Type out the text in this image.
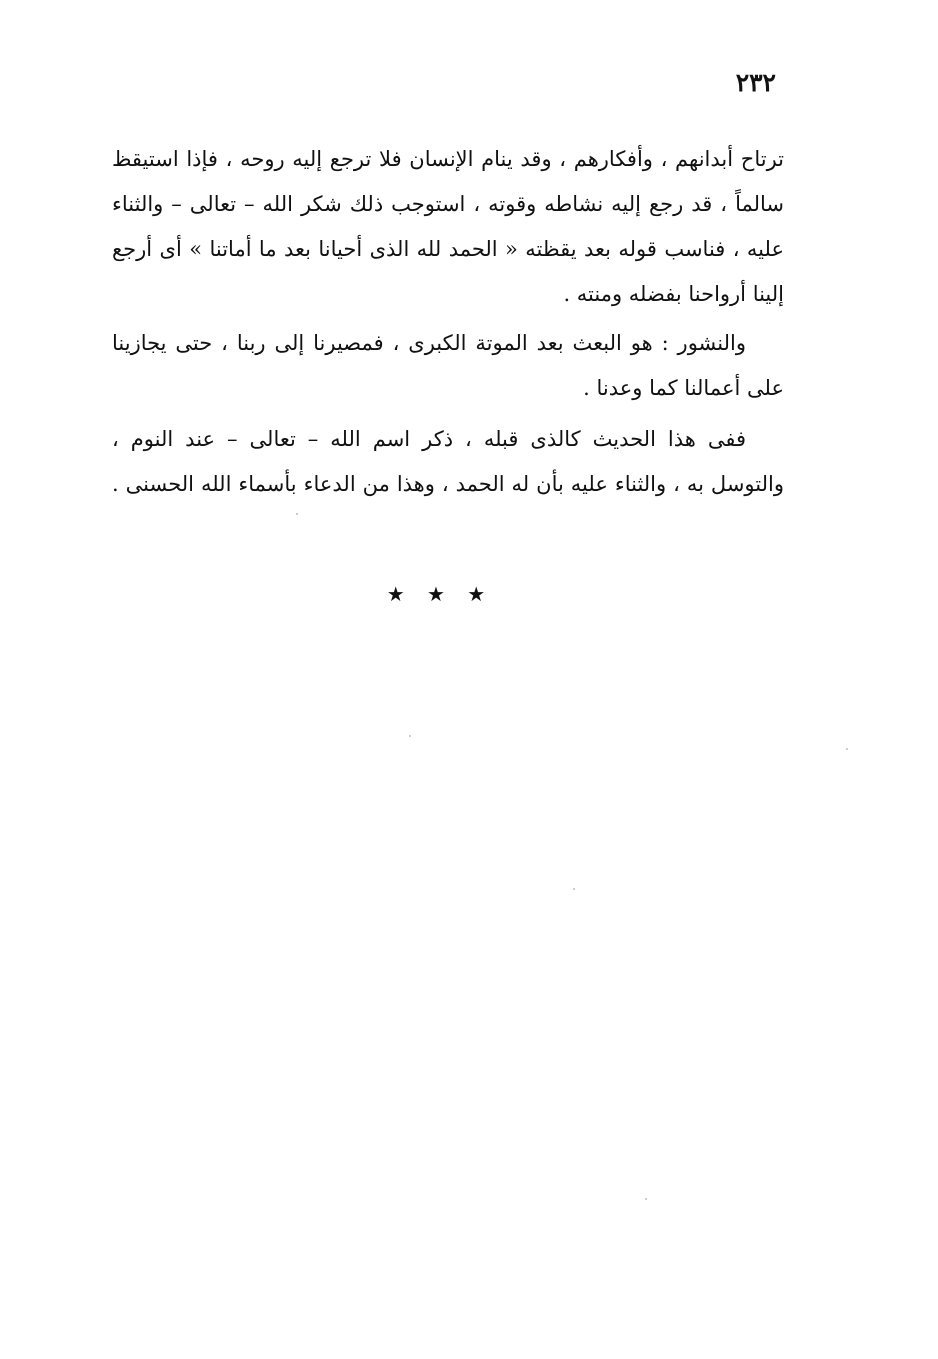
٢٣٢
ترتاح أبدانهم ، وأفكارهم ، وقد ينام الإنسان فلا ترجع إليه روحه ، فإذا استيقظ
سالماً ، قد رجع إليه نشاطه وقوته ، استوجب ذلك شكر الله – تعالى – والثناء
عليه ، فناسب قوله بعد يقظته « الحمد لله الذى أحيانا بعد ما أماتنا » أى أرجع
إلينا أرواحنا بفضله ومنته .
والنشور : هو البعث بعد الموتة الكبرى ، فمصيرنا إلى ربنا ، حتى يجازينا
على أعمالنا كما وعدنا .
ففى هذا الحديث كالذى قبله ، ذكر اسم الله – تعالى – عند النوم ،
والتوسل به ، والثناء عليه بأن له الحمد ، وهذا من الدعاء بأسماء الله الحسنى .
★ ★ ★
